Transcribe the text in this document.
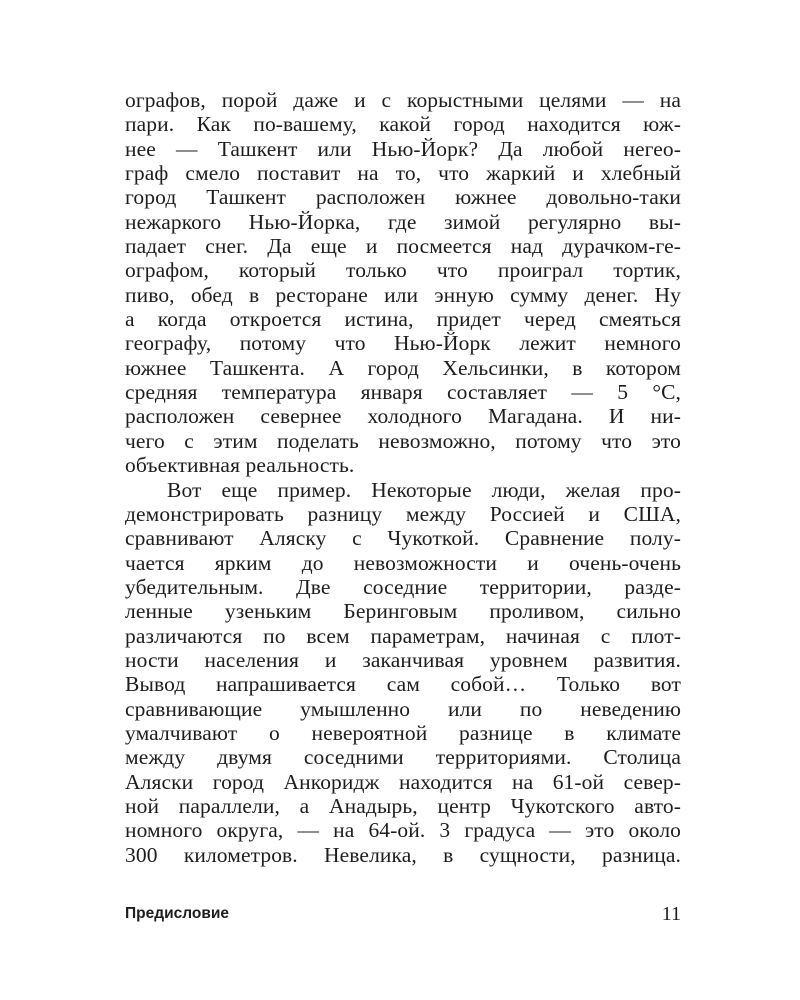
ографов, порой даже и с корыстными целями — на
пари. Как по-вашему, какой город находится юж-
нее — Ташкент или Нью-Йорк? Да любой негео-
граф смело поставит на то, что жаркий и хлебный
город Ташкент расположен южнее довольно-таки
нежаркого Нью-Йорка, где зимой регулярно вы-
падает снег. Да еще и посмеется над дурачком-ге-
ографом, который только что проиграл тортик,
пиво, обед в ресторане или энную сумму денег. Ну
а когда откроется истина, придет черед смеяться
географу, потому что Нью-Йорк лежит немного
южнее Ташкента. А город Хельсинки, в котором
средняя температура января составляет — 5 °С,
расположен севернее холодного Магадана. И ни-
чего с этим поделать невозможно, потому что это
объективная реальность.
Вот еще пример. Некоторые люди, желая про-
демонстрировать разницу между Россией и США,
сравнивают Аляску с Чукоткой. Сравнение полу-
чается ярким до невозможности и очень-очень
убедительным. Две соседние территории, разде-
ленные узеньким Беринговым проливом, сильно
различаются по всем параметрам, начиная с плот-
ности населения и заканчивая уровнем развития.
Вывод напрашивается сам собой… Только вот
сравнивающие умышленно или по неведению
умалчивают о невероятной разнице в климате
между двумя соседними территориями. Столица
Аляски город Анкоридж находится на 61-ой север-
ной параллели, а Анадырь, центр Чукотского авто-
номного округа, — на 64-ой. 3 градуса — это около
300 километров. Невелика, в сущности, разница.
Предисловие	11
